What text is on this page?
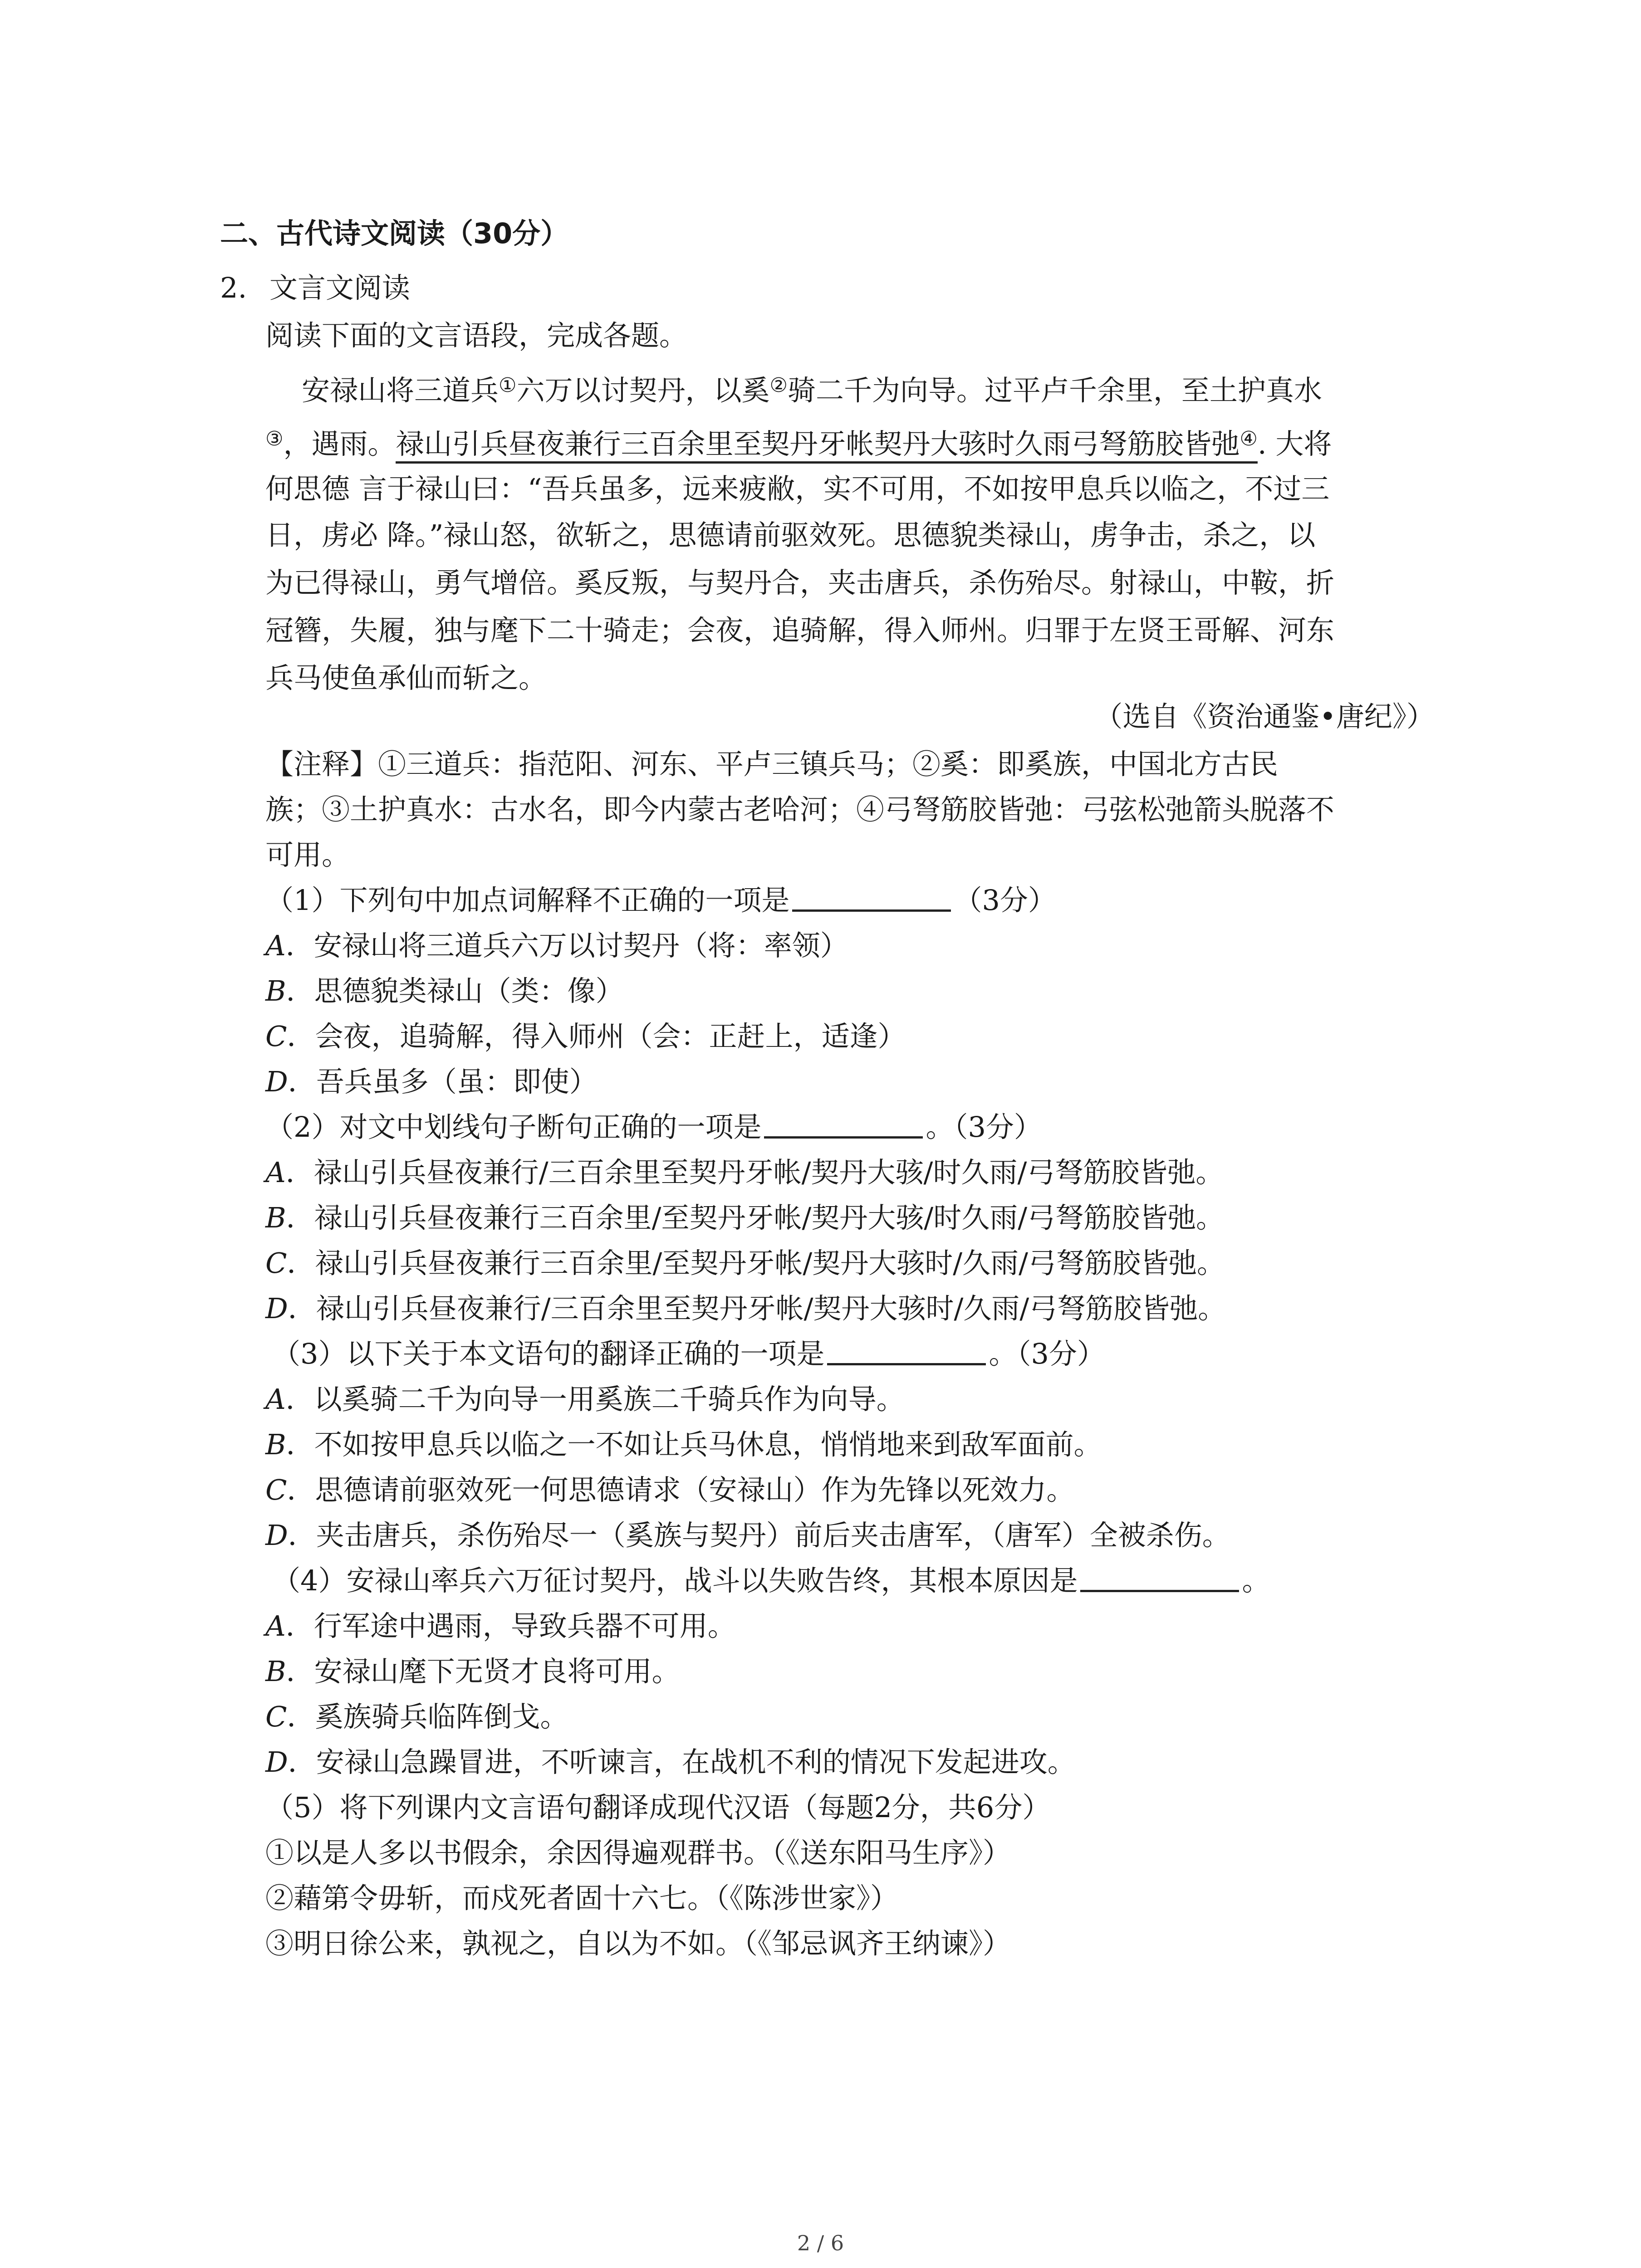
二、古代诗文阅读（30分）
2. 文言文阅读
阅读下面的文言语段，完成各题。
安禄山将三道兵①六万以讨契丹，以奚②骑二千为向导。过平卢千余里，至土护真水
③，遇雨。禄山引兵昼夜兼行三百余里至契丹牙帐契丹大骇时久雨弓弩筋胶皆弛④. 大将
何思德 言于禄山曰：“吾兵虽多，远来疲敝，实不可用，不如按甲息兵以临之，不过三
日，虏必 降。”禄山怒，欲斩之，思德请前驱效死。思德貌类禄山，虏争击，杀之，以
为已得禄山，勇气增倍。奚反叛，与契丹合，夹击唐兵，杀伤殆尽。射禄山，中鞍，折
冠簪，失履，独与麾下二十骑走；会夜，追骑解，得入师州。归罪于左贤王哥解、河东
兵马使鱼承仙而斩之。
（选自《资治通鉴•唐纪》）
【注释】①三道兵：指范阳、河东、平卢三镇兵马；②奚：即奚族，中国北方古民
族；③土护真水：古水名，即今内蒙古老哈河；④弓弩筋胶皆弛：弓弦松弛箭头脱落不
可用。
（1）下列句中加点词解释不正确的一项是	（3分）
A．安禄山将三道兵六万以讨契丹（将：率领）
B．思德貌类禄山（类：像）
C．会夜，追骑解，得入师州（会：正赶上，适逢）
D．吾兵虽多（虽：即使）
（2）对文中划线句子断句正确的一项是	。（3分）
A．禄山引兵昼夜兼行/三百余里至契丹牙帐/契丹大骇/时久雨/弓弩筋胶皆弛。
B．禄山引兵昼夜兼行三百余里/至契丹牙帐/契丹大骇/时久雨/弓弩筋胶皆弛。
C．禄山引兵昼夜兼行三百余里/至契丹牙帐/契丹大骇时/久雨/弓弩筋胶皆弛。
D．禄山引兵昼夜兼行/三百余里至契丹牙帐/契丹大骇时/久雨/弓弩筋胶皆弛。
（3）以下关于本文语句的翻译正确的一项是	。（3分）
A．以奚骑二千为向导一用奚族二千骑兵作为向导。
B．不如按甲息兵以临之一不如让兵马休息，悄悄地来到敌军面前。
C．思德请前驱效死一何思德请求（安禄山）作为先锋以死效力。
D．夹击唐兵，杀伤殆尽一（奚族与契丹）前后夹击唐军，（唐军）全被杀伤。
（4）安禄山率兵六万征讨契丹，战斗以失败告终，其根本原因是	。
A．行军途中遇雨，导致兵器不可用。
B．安禄山麾下无贤才良将可用。
C．奚族骑兵临阵倒戈。
D．安禄山急躁冒进，不听谏言，在战机不利的情况下发起进攻。
（5）将下列课内文言语句翻译成现代汉语（每题2分，共6分）
①以是人多以书假余，余因得遍观群书。（《送东阳马生序》）
②藉第令毋斩，而戍死者固十六七。（《陈涉世家》）
③明日徐公来，孰视之，自以为不如。（《邹忌讽齐王纳谏》）
2 / 6
